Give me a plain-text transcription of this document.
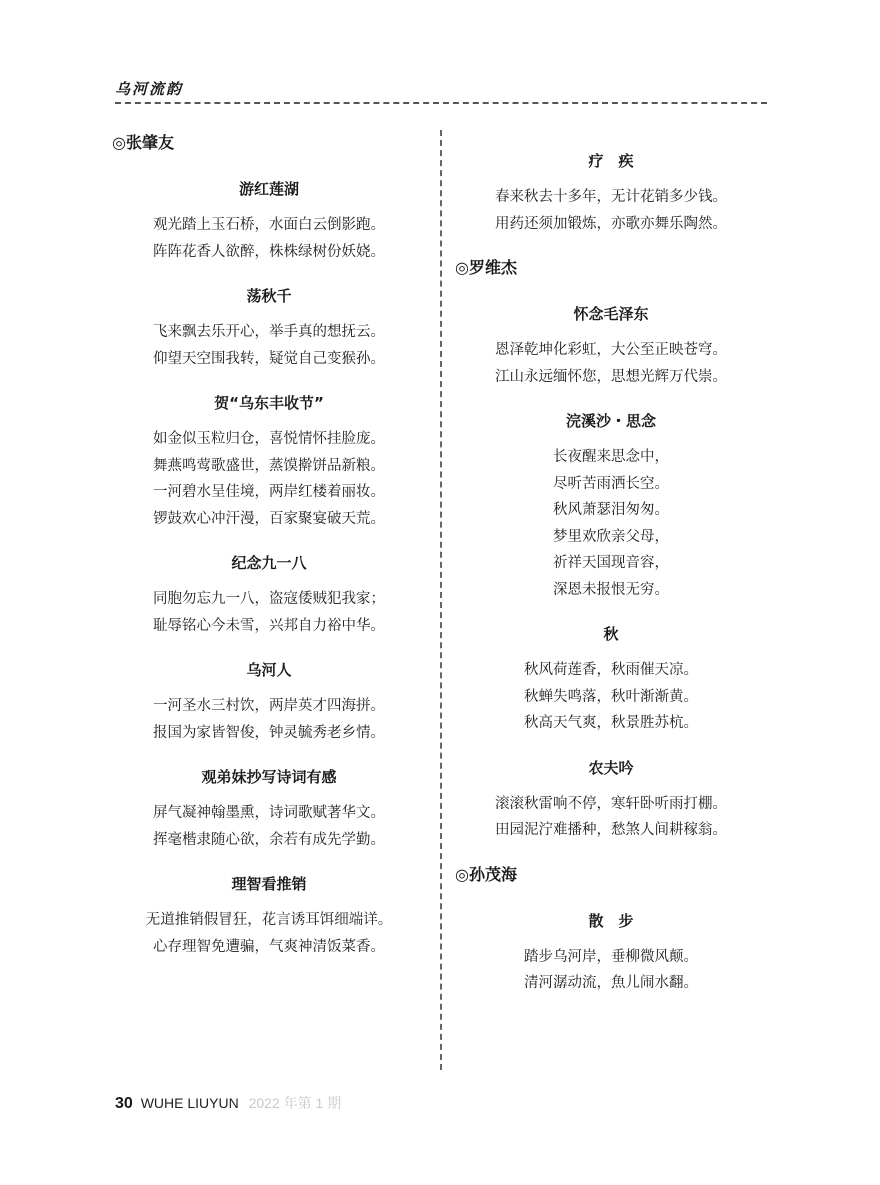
乌河流韵
◎张肇友
游红莲湖
观光踏上玉石桥，水面白云倒影跑。
阵阵花香人欲醉，株株绿树份妖娆。
荡秋千
飞来飘去乐开心，举手真的想抚云。
仰望天空围我转，疑觉自己变猴孙。
贺“乌东丰收节”
如金似玉粒归仓，喜悦情怀挂脸庞。
舞燕鸣莺歌盛世，蒸馍擀饼品新粮。
一河碧水呈佳境，两岸红楼着丽妆。
锣鼓欢心冲汗漫，百家聚宴破天荒。
纪念九一八
同胞勿忘九一八，盗寇倭贼犯我家；
耻辱铭心今未雪，兴邦自力裕中华。
乌河人
一河圣水三村饮，两岸英才四海拼。
报国为家皆智俊，钟灵毓秀老乡情。
观弟妹抄写诗词有感
屏气凝神翰墨熏，诗词歌赋著华文。
挥毫楷隶随心欲，余若有成先学勤。
理智看推销
无道推销假冒狂，花言诱耳饵细端详。
心存理智免遭骗，气爽神清饭菜香。
疗　疾
春来秋去十多年，无计花销多少钱。
用药还须加锻炼，亦歌亦舞乐陶然。
◎罗维杰
怀念毛泽东
恩泽乾坤化彩虹，大公至正映苍穹。
江山永远缅怀您，思想光辉万代崇。
浣溪沙・思念
长夜醒来思念中，
尽听苦雨洒长空。
秋风萧瑟泪匆匆。
梦里欢欣亲父母，
祈祥天国现音容，
深恩未报恨无穷。
秋
秋风荷莲香，秋雨催天凉。
秋蝉失鸣落，秋叶渐渐黄。
秋高天气爽，秋景胜苏杭。
农夫吟
滚滚秋雷响不停，寒轩卧听雨打棚。
田园泥泞难播种，愁煞人间耕稼翁。
◎孙茂海
散　步
踏步乌河岸，垂柳微风颠。
清河潺动流，魚儿闹水翻。
30 WUHE LIUYUN 2022 年第 1 期
